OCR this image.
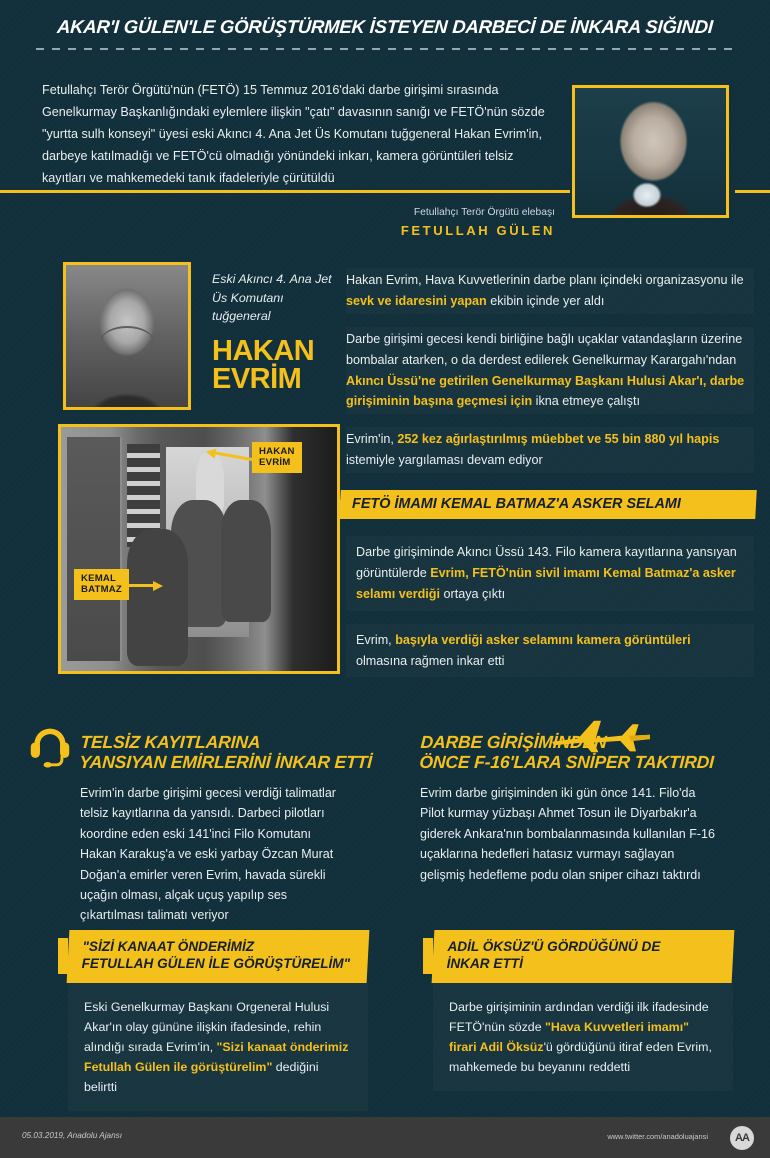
AKAR'I GÜLEN'LE GÖRÜŞTÜRMEK İSTEYEN DARBECİ DE İNKARA SIĞINDI
Fetullahçı Terör Örgütü'nün (FETÖ) 15 Temmuz 2016'daki darbe girişimi sırasında Genelkurmay Başkanlığındaki eylemlere ilişkin "çatı" davasının sanığı ve FETÖ'nün sözde "yurtta sulh konseyi" üyesi eski Akıncı 4. Ana Jet Üs Komutanı tuğgeneral Hakan Evrim'in, darbeye katılmadığı ve FETÖ'cü olmadığı yönündeki inkarı, kamera görüntüleri telsiz kayıtları ve mahkemedeki tanık ifadeleriyle çürütüldü
Fetullahçı Terör Örgütü elebaşı
FETULLAH GÜLEN
Eski Akıncı 4. Ana Jet Üs Komutanı tuğgeneral
HAKAN
EVRİM
Hakan Evrim, Hava Kuvvetlerinin darbe planı içindeki organizasyonu ile sevk ve idaresini yapan ekibin içinde yer aldı
Darbe girişimi gecesi kendi birliğine bağlı uçaklar vatandaşların üzerine bombalar atarken, o da derdest edilerek Genelkurmay Karargahı'ndan Akıncı Üssü'ne getirilen Genelkurmay Başkanı Hulusi Akar'ı, darbe girişiminin başına geçmesi için ikna etmeye çalıştı
Evrim'in, 252 kez ağırlaştırılmış müebbet ve 55 bin 880 yıl hapis istemiyle yargılaması devam ediyor
HAKAN
EVRİM
KEMAL
BATMAZ
FETÖ İMAMI KEMAL BATMAZ'A ASKER SELAMI
Darbe girişiminde Akıncı Üssü 143. Filo kamera kayıtlarına yansıyan görüntülerde Evrim, FETÖ'nün sivil imamı Kemal Batmaz'a asker selamı verdiği ortaya çıktı
Evrim, başıyla verdiği asker selamını kamera görüntüleri olmasına rağmen inkar etti
TELSİZ KAYITLARINA
YANSIYAN EMİRLERİNİ İNKAR ETTİ
Evrim'in darbe girişimi gecesi verdiği talimatlar telsiz kayıtlarına da yansıdı. Darbeci pilotları koordine eden eski 141'inci Filo Komutanı Hakan Karakuş'a ve eski yarbay Özcan Murat Doğan'a emirler veren Evrim, havada sürekli uçağın olması, alçak uçuş yapılıp ses çıkartılması talimatı veriyor
DARBE GİRİŞİMİNDEN
ÖNCE F-16'LARA SNİPER TAKTIRDI
Evrim darbe girişiminden iki gün önce 141. Filo'da Pilot kurmay yüzbaşı Ahmet Tosun ile Diyarbakır'a giderek Ankara'nın bombalanmasında kullanılan F-16 uçaklarına hedefleri hatasız vurmayı sağlayan gelişmiş hedefleme podu olan sniper cihazı taktırdı
"SİZİ KANAAT ÖNDERİMİZ
FETULLAH GÜLEN İLE GÖRÜŞTÜRELİM"
Eski Genelkurmay Başkanı Orgeneral Hulusi Akar'ın olay gününe ilişkin ifadesinde, rehin alındığı sırada Evrim'in, "Sizi kanaat önderimiz Fetullah Gülen ile görüştürelim" dediğini belirtti
ADİL ÖKSÜZ'Ü GÖRDÜĞÜNÜ DE
İNKAR ETTİ
Darbe girişiminin ardından verdiği ilk ifadesinde FETÖ'nün sözde "Hava Kuvvetleri imamı" firari Adil Öksüz'ü gördüğünü itiraf eden Evrim, mahkemede bu beyanını reddetti
05.03.2019, Anadolu Ajansı	www.twitter.com/anadoluajansi	AA
